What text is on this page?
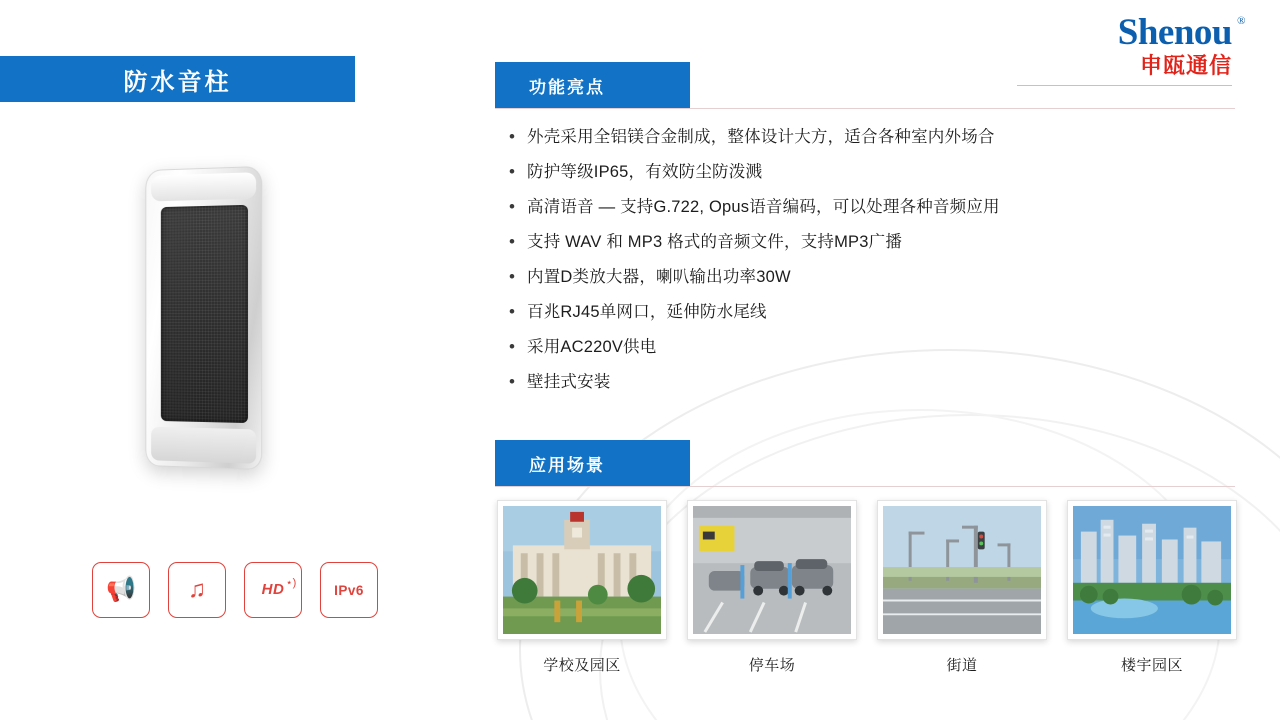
Shenou ®
申瓯通信
防水音柱
📢 ♫	HD ⋆)	IPv6
功能亮点
• 外壳采用全铝镁合金制成，整体设计大方，适合各种室内外场合
• 防护等级IP65，有效防尘防泼溅
• 高清语音 — 支持G.722, Opus语音编码，可以处理各种音频应用
• 支持 WAV 和 MP3 格式的音频文件，支持MP3广播
• 内置D类放大器，喇叭输出功率30W
• 百兆RJ45单网口，延伸防水尾线
• 采用AC220V供电
• 壁挂式安装
应用场景
学校及园区	停车场	街道	楼宇园区
